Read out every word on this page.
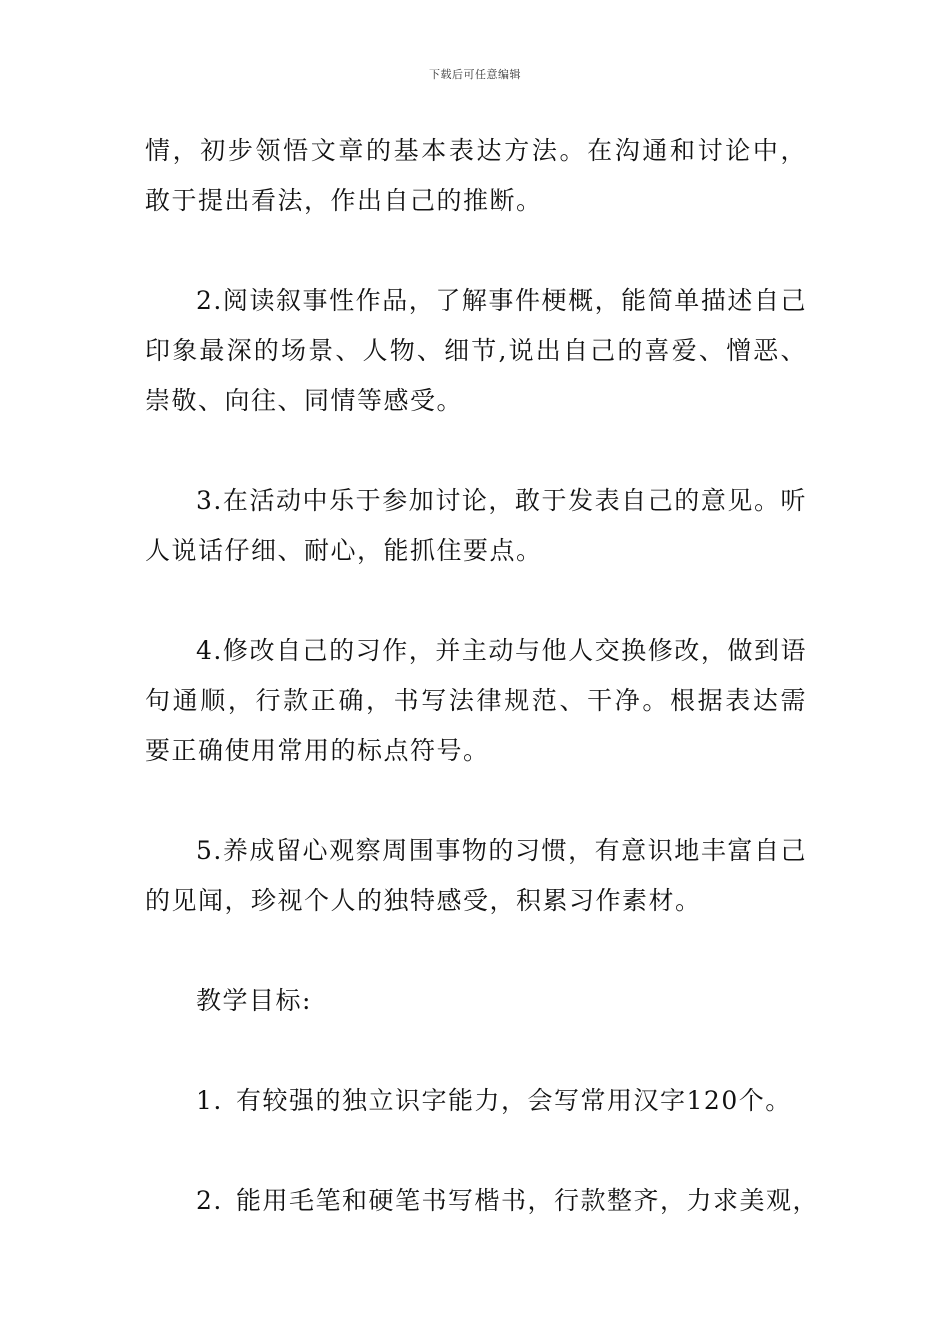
下载后可任意编辑

情，初步领悟文章的基本表达方法。在沟通和讨论中，敢于提出看法，作出自己的推断。

2.阅读叙事性作品，了解事件梗概，能简单描述自己印象最深的场景、人物、细节,说出自己的喜爱、憎恶、崇敬、向往、同情等感受。

3.在活动中乐于参加讨论，敢于发表自己的意见。听人说话仔细、耐心，能抓住要点。

4.修改自己的习作，并主动与他人交换修改，做到语句通顺，行款正确，书写法律规范、干净。根据表达需要正确使用常用的标点符号。

5.养成留心观察周围事物的习惯，有意识地丰富自己的见闻，珍视个人的独特感受，积累习作素材。

教学目标:

1. 有较强的独立识字能力，会写常用汉字120个。
2. 能用毛笔和硬笔书写楷书，行款整齐，力求美观，
